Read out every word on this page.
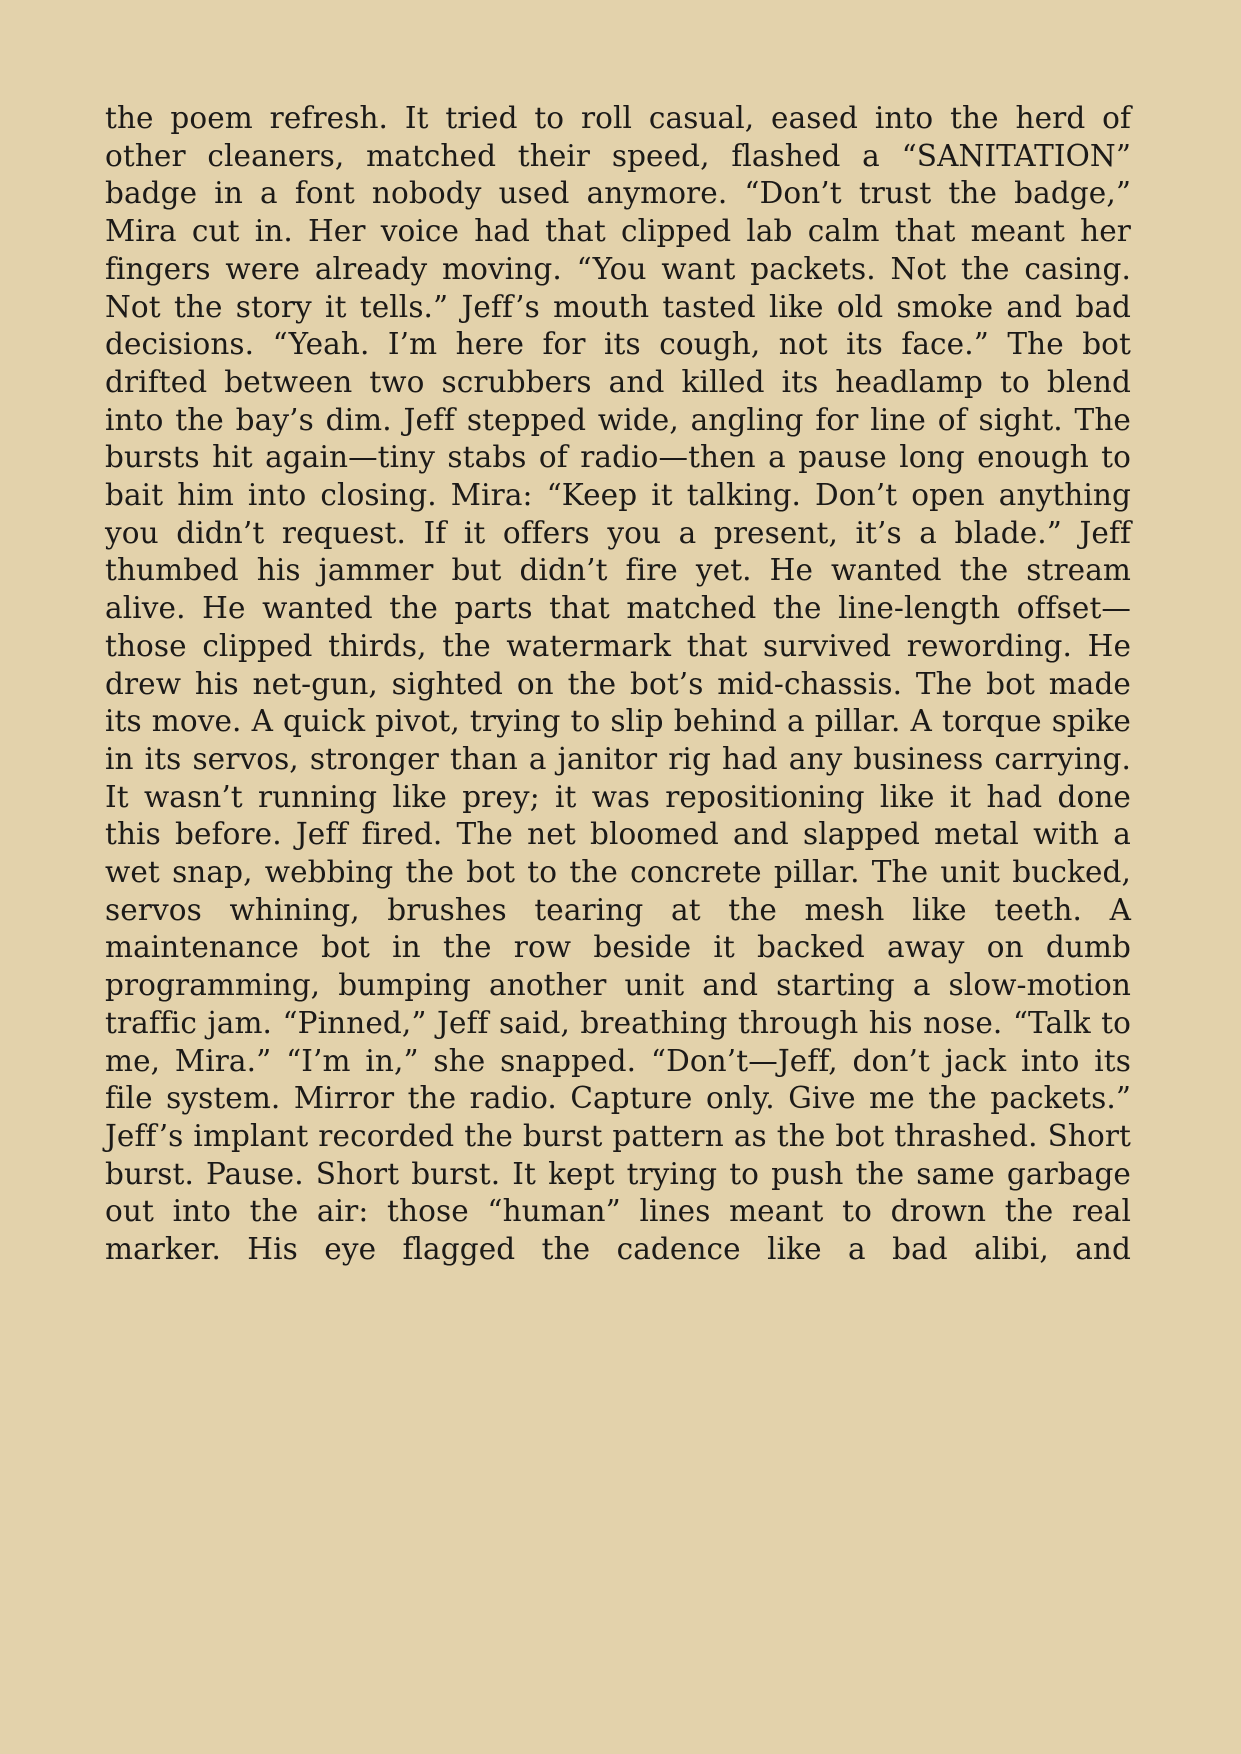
the poem refresh. It tried to roll casual, eased into the herd of other cleaners, matched their speed, flashed a “SANITATION” badge in a font nobody used anymore. “Don’t trust the badge,” Mira cut in. Her voice had that clipped lab calm that meant her fingers were already moving. “You want packets. Not the casing. Not the story it tells.” Jeff’s mouth tasted like old smoke and bad decisions. “Yeah. I’m here for its cough, not its face.” The bot drifted between two scrubbers and killed its headlamp to blend into the bay’s dim. Jeff stepped wide, angling for line of sight. The bursts hit again—tiny stabs of radio—then a pause long enough to bait him into closing. Mira: “Keep it talking. Don’t open anything you didn’t request. If it offers you a present, it’s a blade.” Jeff thumbed his jammer but didn’t fire yet. He wanted the stream alive. He wanted the parts that matched the line-length offset—those clipped thirds, the watermark that survived rewording. He drew his net-gun, sighted on the bot’s mid-chassis. The bot made its move. A quick pivot, trying to slip behind a pillar. A torque spike in its servos, stronger than a janitor rig had any business carrying. It wasn’t running like prey; it was repositioning like it had done this before. Jeff fired. The net bloomed and slapped metal with a wet snap, webbing the bot to the concrete pillar. The unit bucked, servos whining, brushes tearing at the mesh like teeth. A maintenance bot in the row beside it backed away on dumb programming, bumping another unit and starting a slow-motion traffic jam. “Pinned,” Jeff said, breathing through his nose. “Talk to me, Mira.” “I’m in,” she snapped. “Don’t—Jeff, don’t jack into its file system. Mirror the radio. Capture only. Give me the packets.” Jeff’s implant recorded the burst pattern as the bot thrashed. Short burst. Pause. Short burst. It kept trying to push the same garbage out into the air: those “human” lines meant to drown the real marker. His eye flagged the cadence like a bad alibi, and
